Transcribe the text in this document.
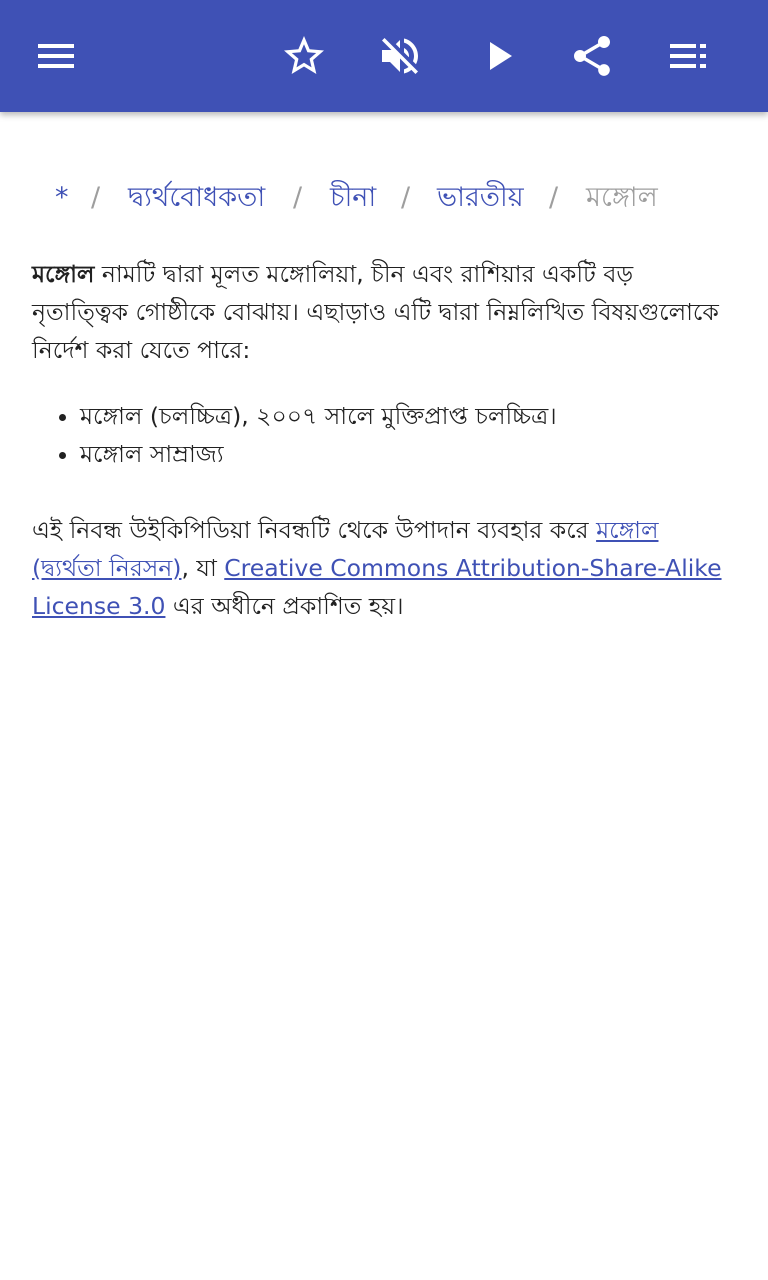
* / দ্ব্যর্থবোধকতা / চীনা / ভারতীয় / মঙ্গোল

মঙ্গোল নামটি দ্বারা মূলত মঙ্গোলিয়া, চীন এবং রাশিয়ার একটি বড় নৃতাত্ত্বিক গোষ্ঠীকে বোঝায়। এছাড়াও এটি দ্বারা নিম্নলিখিত বিষয়গুলোকে নির্দেশ করা যেতে পারে:

• মঙ্গোল (চলচ্চিত্র), ২০০৭ সালে মুক্তিপ্রাপ্ত চলচ্চিত্র।
• মঙ্গোল সাম্রাজ্য

এই নিবন্ধ উইকিপিডিয়া নিবন্ধটি থেকে উপাদান ব্যবহার করে মঙ্গোল (দ্ব্যর্থতা নিরসন), যা Creative Commons Attribution-Share-Alike License 3.0 এর অধীনে প্রকাশিত হয়।
